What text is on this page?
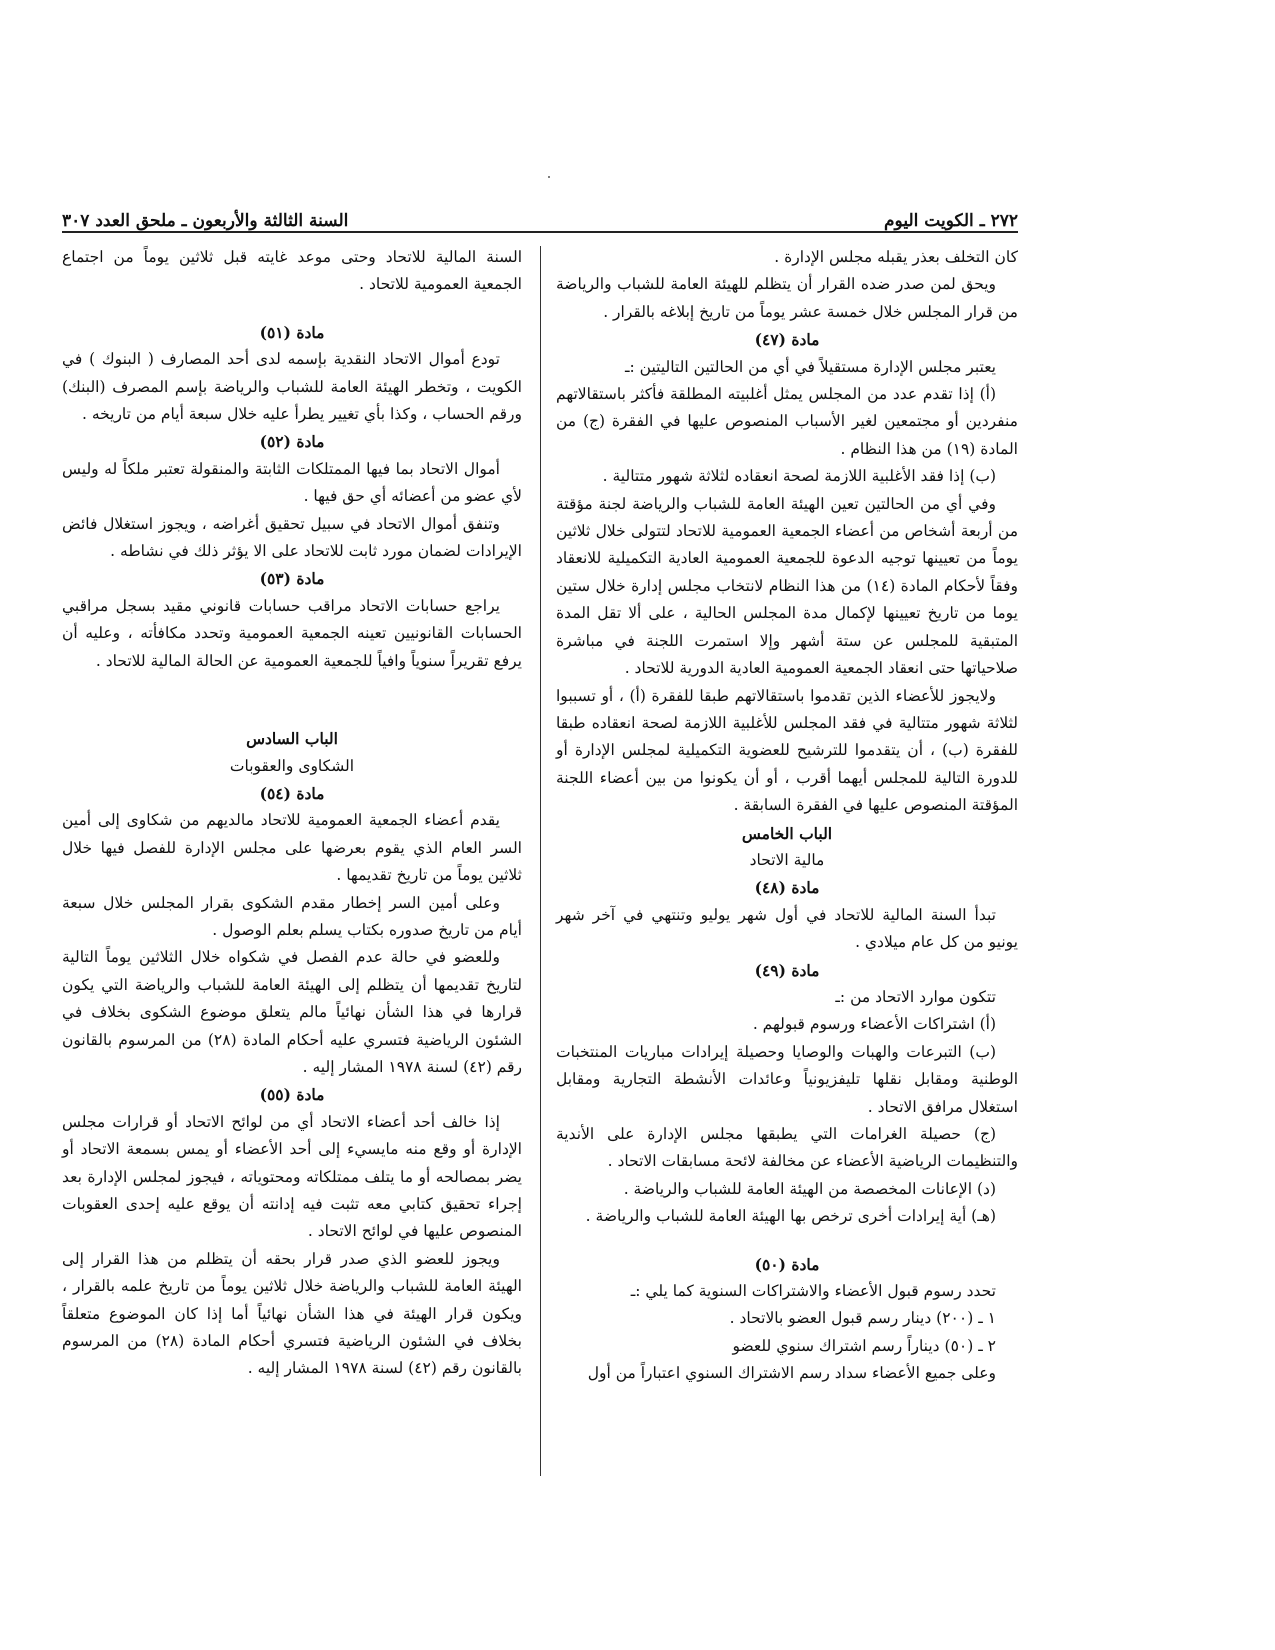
٢٧٢ ـ الكويت اليوم
السنة الثالثة والأربعون ـ ملحق العدد ٣٠٧

كان التخلف بعذر يقبله مجلس الإدارة .

ويحق لمن صدر ضده القرار أن يتظلم للهيئة العامة للشباب والرياضة من قرار المجلس خلال خمسة عشر يوماً من تاريخ إبلاغه بالقرار .

مادة (٤٧)

يعتبر مجلس الإدارة مستقيلاً في أي من الحالتين التاليتين :ـ

(أ) إذا تقدم عدد من المجلس يمثل أغلبيته المطلقة فأكثر باستقالاتهم منفردين أو مجتمعين لغير الأسباب المنصوص عليها في الفقرة (ج) من المادة (١٩) من هذا النظام .

(ب) إذا فقد الأغلبية اللازمة لصحة انعقاده لثلاثة شهور متتالية .

وفي أي من الحالتين تعين الهيئة العامة للشباب والرياضة لجنة مؤقتة من أربعة أشخاص من أعضاء الجمعية العمومية للاتحاد لتتولى خلال ثلاثين يوماً من تعيينها توجيه الدعوة للجمعية العمومية العادية التكميلية للانعقاد وفقاً لأحكام المادة (١٤) من هذا النظام لانتخاب مجلس إدارة خلال ستين يوما من تاريخ تعيينها لإكمال مدة المجلس الحالية ، على ألا تقل المدة المتبقية للمجلس عن ستة أشهر وإلا استمرت اللجنة في مباشرة صلاحياتها حتى انعقاد الجمعية العمومية العادية الدورية للاتحاد .

ولايجوز للأعضاء الذين تقدموا باستقالاتهم طبقا للفقرة (أ) ، أو تسببوا لثلاثة شهور متتالية في فقد المجلس للأغلبية اللازمة لصحة انعقاده طبقا للفقرة (ب) ، أن يتقدموا للترشيح للعضوية التكميلية لمجلس الإدارة أو للدورة التالية للمجلس أيهما أقرب ، أو أن يكونوا من بين أعضاء اللجنة المؤقتة المنصوص عليها في الفقرة السابقة .

الباب الخامس

مالية الاتحاد

مادة (٤٨)

تبدأ السنة المالية للاتحاد في أول شهر يوليو وتنتهي في آخر شهر يونيو من كل عام ميلادي .

مادة (٤٩)

تتكون موارد الاتحاد من :ـ

(أ) اشتراكات الأعضاء ورسوم قبولهم .

(ب) التبرعات والهبات والوصايا وحصيلة إيرادات مباريات المنتخبات الوطنية ومقابل نقلها تليفزيونياً وعائدات الأنشطة التجارية ومقابل استغلال مرافق الاتحاد .

(ج) حصيلة الغرامات التي يطبقها مجلس الإدارة على الأندية والتنظيمات الرياضية الأعضاء عن مخالفة لائحة مسابقات الاتحاد .

(د) الإعانات المخصصة من الهيئة العامة للشباب والرياضة .

(هـ) أية إيرادات أخرى ترخص بها الهيئة العامة للشباب والرياضة .

مادة (٥٠)

تحدد رسوم قبول الأعضاء والاشتراكات السنوية كما يلي :ـ

١ ـ (٢٠٠) دينار رسم قبول العضو بالاتحاد .

٢ ـ (٥٠) ديناراً رسم اشتراك سنوي للعضو

وعلى جميع الأعضاء سداد رسم الاشتراك السنوي اعتباراً من أول

السنة المالية للاتحاد وحتى موعد غايته قبل ثلاثين يوماً من اجتماع الجمعية العمومية للاتحاد .

مادة (٥١)

تودع أموال الاتحاد النقدية بإسمه لدى أحد المصارف ( البنوك ) في الكويت ، وتخطر الهيئة العامة للشباب والرياضة بإسم المصرف (البنك) ورقم الحساب ، وكذا بأي تغيير يطرأ عليه خلال سبعة أيام من تاريخه .

مادة (٥٢)

أموال الاتحاد بما فيها الممتلكات الثابتة والمنقولة تعتبر ملكاً له وليس لأي عضو من أعضائه أي حق فيها .

وتنفق أموال الاتحاد في سبيل تحقيق أغراضه ، ويجوز استغلال فائض الإيرادات لضمان مورد ثابت للاتحاد على الا يؤثر ذلك في نشاطه .

مادة (٥٣)

يراجع حسابات الاتحاد مراقب حسابات قانوني مقيد بسجل مراقبي الحسابات القانونيين تعينه الجمعية العمومية وتحدد مكافأته ، وعليه أن يرفع تقريراً سنوياً وافياً للجمعية العمومية عن الحالة المالية للاتحاد .

الباب السادس

الشكاوى والعقوبات

مادة (٥٤)

يقدم أعضاء الجمعية العمومية للاتحاد مالديهم من شكاوى إلى أمين السر العام الذي يقوم بعرضها على مجلس الإدارة للفصل فيها خلال ثلاثين يوماً من تاريخ تقديمها .

وعلى أمين السر إخطار مقدم الشكوى بقرار المجلس خلال سبعة أيام من تاريخ صدوره بكتاب يسلم بعلم الوصول .

وللعضو في حالة عدم الفصل في شكواه خلال الثلاثين يوماً التالية لتاريخ تقديمها أن يتظلم إلى الهيئة العامة للشباب والرياضة التي يكون قرارها في هذا الشأن نهائياً مالم يتعلق موضوع الشكوى بخلاف في الشئون الرياضية فتسري عليه أحكام المادة (٢٨) من المرسوم بالقانون رقم (٤٢) لسنة ١٩٧٨ المشار إليه .

مادة (٥٥)

إذا خالف أحد أعضاء الاتحاد أي من لوائح الاتحاد أو قرارات مجلس الإدارة أو وقع منه مايسيء إلى أحد الأعضاء أو يمس بسمعة الاتحاد أو يضر بمصالحه أو ما يتلف ممتلكاته ومحتوياته ، فيجوز لمجلس الإدارة بعد إجراء تحقيق كتابي معه تثبت فيه إدانته أن يوقع عليه إحدى العقوبات المنصوص عليها في لوائح الاتحاد .

ويجوز للعضو الذي صدر قرار بحقه أن يتظلم من هذا القرار إلى الهيئة العامة للشباب والرياضة خلال ثلاثين يوماً من تاريخ علمه بالقرار ، ويكون قرار الهيئة في هذا الشأن نهائياً أما إذا كان الموضوع متعلقاً بخلاف في الشئون الرياضية فتسري أحكام المادة (٢٨) من المرسوم بالقانون رقم (٤٢) لسنة ١٩٧٨ المشار إليه .
